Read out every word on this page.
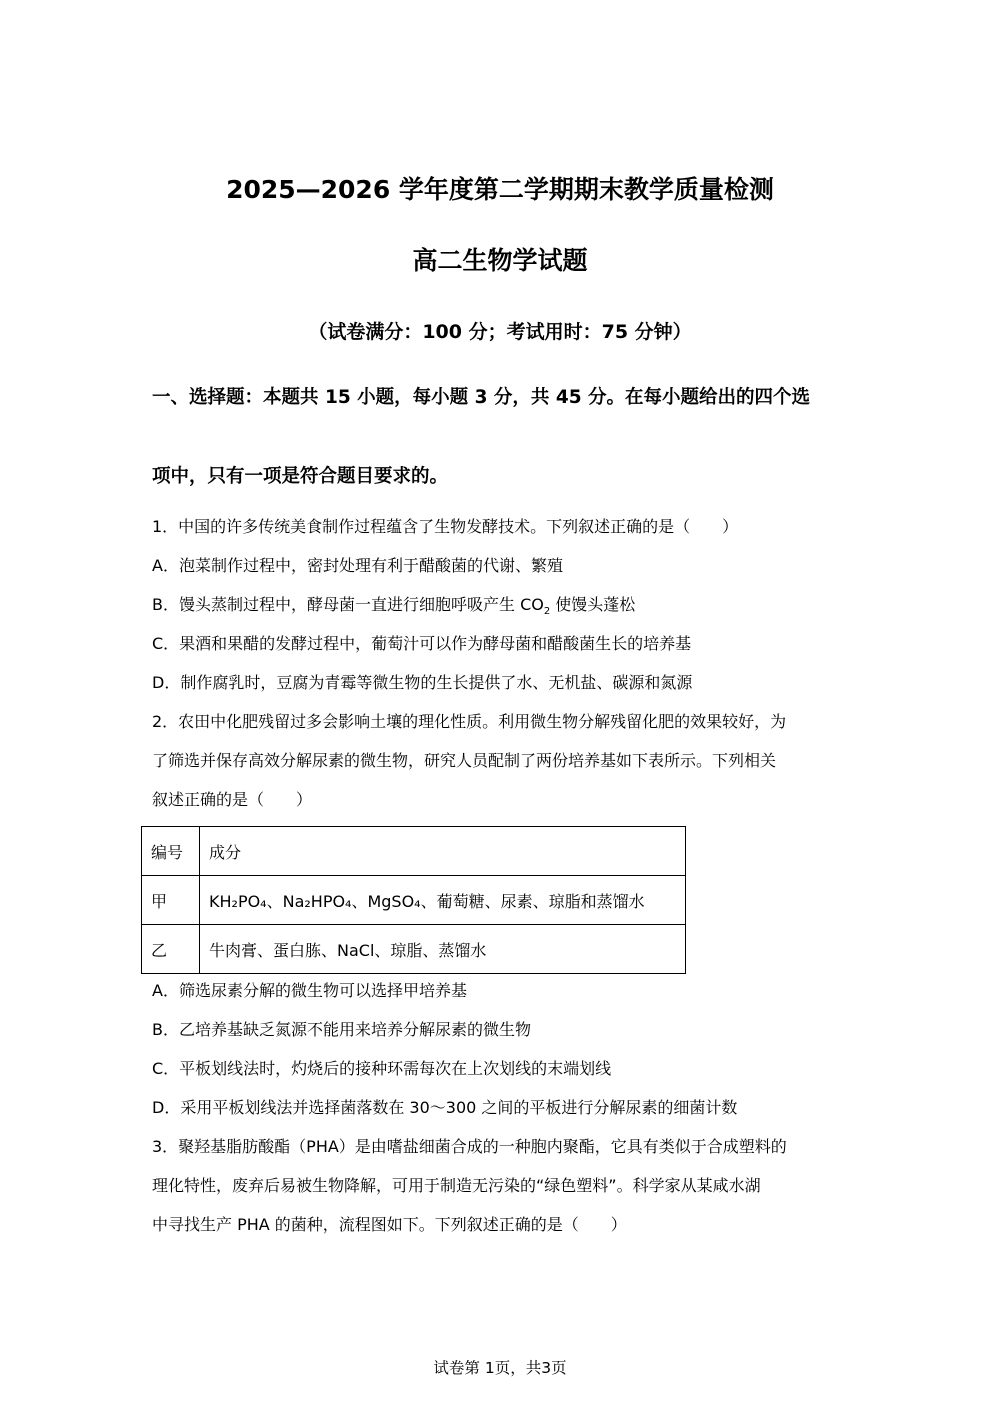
2025—2026 学年度第二学期期末教学质量检测
高二生物学试题
（试卷满分：100 分；考试用时：75 分钟）
一、选择题：本题共 15 小题，每小题 3 分，共 45 分。在每小题给出的四个选
项中，只有一项是符合题目要求的。
1．中国的许多传统美食制作过程蕴含了生物发酵技术。下列叙述正确的是（　　）
A．泡菜制作过程中，密封处理有利于醋酸菌的代谢、繁殖
B．馒头蒸制过程中，酵母菌一直进行细胞呼吸产生 $CO_2$ 使馒头蓬松
C．果酒和果醋的发酵过程中，葡萄汁可以作为酵母菌和醋酸菌生长的培养基
D．制作腐乳时，豆腐为青霉等微生物的生长提供了水、无机盐、碳源和氮源
2．农田中化肥残留过多会影响土壤的理化性质。利用微生物分解残留化肥的效果较好，为
了筛选并保存高效分解尿素的微生物，研究人员配制了两份培养基如下表所示。下列相关
叙述正确的是（　　）
编号	成分
甲	KH₂PO₄、Na₂HPO₄、MgSO₄、葡萄糖、尿素、琼脂和蒸馏水
乙	牛肉膏、蛋白胨、NaCl、琼脂、蒸馏水
A．筛选尿素分解的微生物可以选择甲培养基
B．乙培养基缺乏氮源不能用来培养分解尿素的微生物
C．平板划线法时，灼烧后的接种环需每次在上次划线的末端划线
D．采用平板划线法并选择菌落数在 30～300 之间的平板进行分解尿素的细菌计数
3．聚羟基脂肪酸酯（PHA）是由嗜盐细菌合成的一种胞内聚酯，它具有类似于合成塑料的
理化特性，废弃后易被生物降解，可用于制造无污染的“绿色塑料”。科学家从某咸水湖
中寻找生产 PHA 的菌种，流程图如下。下列叙述正确的是（　　）
试卷第 1页，共3页
